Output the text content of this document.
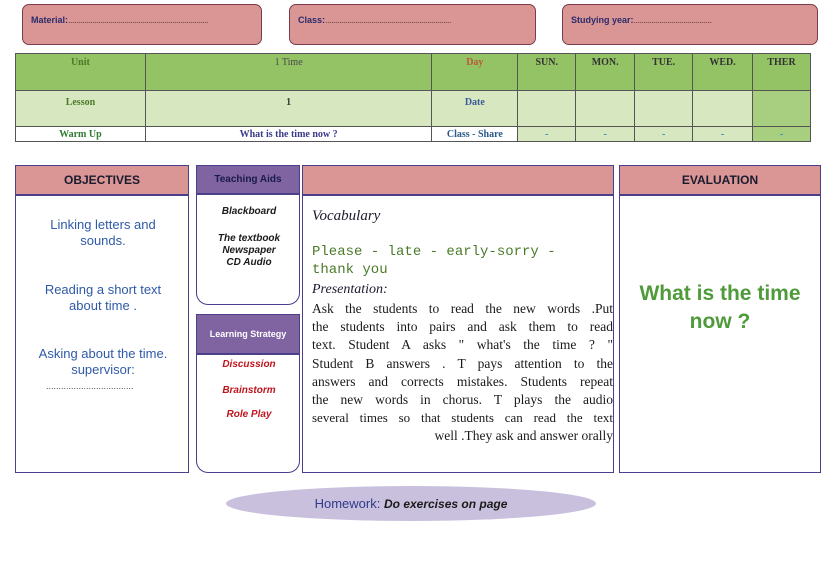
Material:......................................................................	Class:...............................................................	Studying year:.......................................
Unit	1 Time	Day	SUN.	MON.	TUE.	WED.	THER
Lesson	1	Date					
Warm Up	What is the time now ?	Class - Share	-	-	-	-	-
OBJECTIVES
Linking letters and sounds.
Reading a short text about time .
Asking about the time. supervisor:
...................................
Teaching Aids
Blackboard
The textbook
Newspaper
CD Audio
Learning Strategy
Discussion
Brainstorm
Role Play
Vocabulary
Please - late - early-sorry -
thank you
Presentation:
Ask the students to read the new words .Put
the students into pairs and ask them to read
text. Student A asks " what's the time ? "
Student B answers . T pays attention to the
answers and corrects mistakes. Students repeat
the new words in chorus. T plays the audio
several times so that students can read the text
well .They ask and answer orally
EVALUATION
What is the time
now ?
Homework:
Do exercises on page
